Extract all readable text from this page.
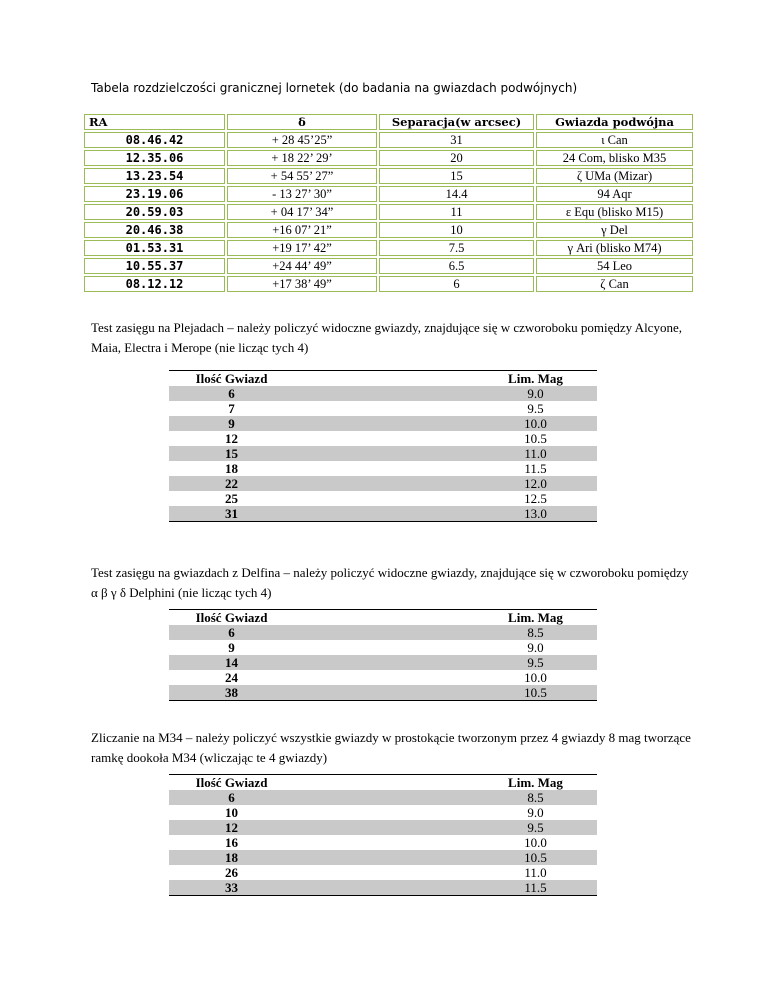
Tabela rozdzielczości granicznej lornetek (do badania na gwiazdach podwójnych)
RA	δ	Separacja(w arcsec)	Gwiazda podwójna
08.46.42	+ 28 45’25”	31	ι Can
12.35.06	+ 18 22’ 29’	20	24 Com, blisko M35
13.23.54	+ 54 55’ 27”	15	ζ UMa (Mizar)
23.19.06	- 13 27’ 30”	14.4	94 Aqr
20.59.03	+ 04 17’ 34”	11	ε Equ (blisko M15)
20.46.38	+16 07’ 21”	10	γ Del
01.53.31	+19 17’ 42”	7.5	γ Ari (blisko M74)
10.55.37	+24 44’ 49”	6.5	54 Leo
08.12.12	+17 38’ 49”	6	ζ Can
Test zasięgu na Plejadach – należy policzyć widoczne gwiazdy, znajdujące się w czworoboku pomiędzy Alcyone, Maia, Electra i Merope (nie licząc tych 4)
Ilość Gwiazd		Lim. Mag
6		9.0
7		9.5
9		10.0
12		10.5
15		11.0
18		11.5
22		12.0
25		12.5
31		13.0
Test zasięgu na gwiazdach z Delfina – należy policzyć widoczne gwiazdy, znajdujące się w czworoboku pomiędzy α β γ δ Delphini (nie licząc tych 4)
Ilość Gwiazd		Lim. Mag
6		8.5
9		9.0
14		9.5
24		10.0
38		10.5
Zliczanie na M34 – należy policzyć wszystkie gwiazdy w prostokącie tworzonym przez 4 gwiazdy 8 mag tworzące ramkę dookoła M34 (wliczając te 4 gwiazdy)
Ilość Gwiazd		Lim. Mag
6		8.5
10		9.0
12		9.5
16		10.0
18		10.5
26		11.0
33		11.5
